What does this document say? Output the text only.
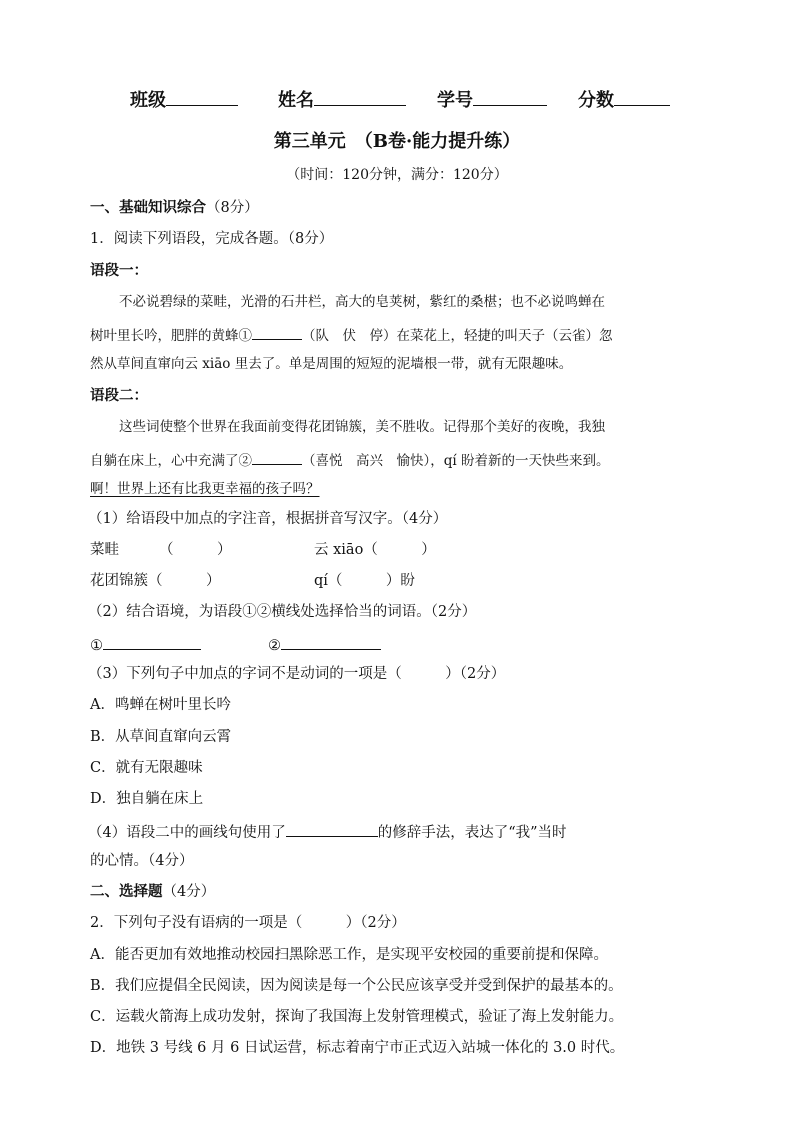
班级	姓名	学号	分数
第三单元　（B卷·能力提升练）
（时间：120分钟，满分：120分）
一、基础知识综合（8分）
1．阅读下列语段，完成各题。（8分）
语段一：
不必说碧绿的菜畦，光滑的石井栏，高大的皂荚树，紫红的桑椹；也不必说鸣蝉在
树叶里长吟，肥胖的黄蜂①	（队　伏　停）在菜花上，轻捷的叫天子（云雀）忽
然从草间直窜向云 xiāo 里去了。单是周围的短短的泥墙根一带，就有无限趣味。
语段二：
这些词使整个世界在我面前变得花团锦簇，美不胜收。记得那个美好的夜晚，我独
自躺在床上，心中充满了②	（喜悦　高兴　愉快），qí 盼着新的一天快些来到。
啊！世界上还有比我更幸福的孩子吗？
（1）给语段中加点的字注音，根据拼音写汉字。（4分）
菜畦	（　　　）	云 xiāo（　　　）
花团锦簇（　　　）	qí（　　　）盼
（2）结合语境，为语段①②横线处选择恰当的词语。（2分）
①	②
（3）下列句子中加点的字词不是动词的一项是（　　　）（2分）
A．鸣蝉在树叶里长吟
B．从草间直窜向云霄
C．就有无限趣味
D．独自躺在床上
（4）语段二中的画线句使用了	的修辞手法，表达了“我”当时
的心情。（4分）
二、选择题（4分）
2．下列句子没有语病的一项是（　　　）（2分）
A．能否更加有效地推动校园扫黑除恶工作，是实现平安校园的重要前提和保障。
B．我们应提倡全民阅读，因为阅读是每一个公民应该享受并受到保护的最基本的。
C．运载火箭海上成功发射，探询了我国海上发射管理模式，验证了海上发射能力。
D．地铁 3 号线 6 月 6 日试运营，标志着南宁市正式迈入站城一体化的 3.0 时代。
